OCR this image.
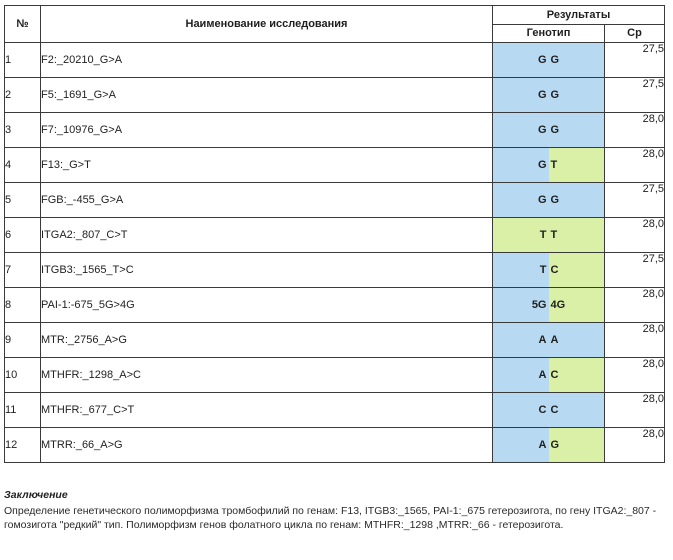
№	Наименование исследования	Результаты	
		Генотип	Ср
1	F2:_20210_G>A	G G	27,5
2	F5:_1691_G>A	G G	27,5
3	F7:_10976_G>A	G G	28,0
4	F13:_G>T	G T	28,0
5	FGB:_-455_G>A	G G	27,5
6	ITGA2:_807_C>T	T T	28,0
7	ITGB3:_1565_T>C	T C	27,5
8	PAI-1:-675_5G>4G	5G 4G	28,0
9	MTR:_2756_A>G	A A	28,0
10	MTHFR:_1298_A>C	A C	28,0
11	MTHFR:_677_C>T	C C	28,0
12	MTRR:_66_A>G	A G	28,0
Заключение
Определение генетического полиморфизма тромбофилий по генам: F13, ITGB3:_1565, PAI-1:_675 гетерозигота, по гену ITGA2:_807 - гомозигота "редкий" тип. Полиморфизм генов фолатного цикла по генам: MTHFR:_1298 ,MTRR:_66 - гетерозигота.
